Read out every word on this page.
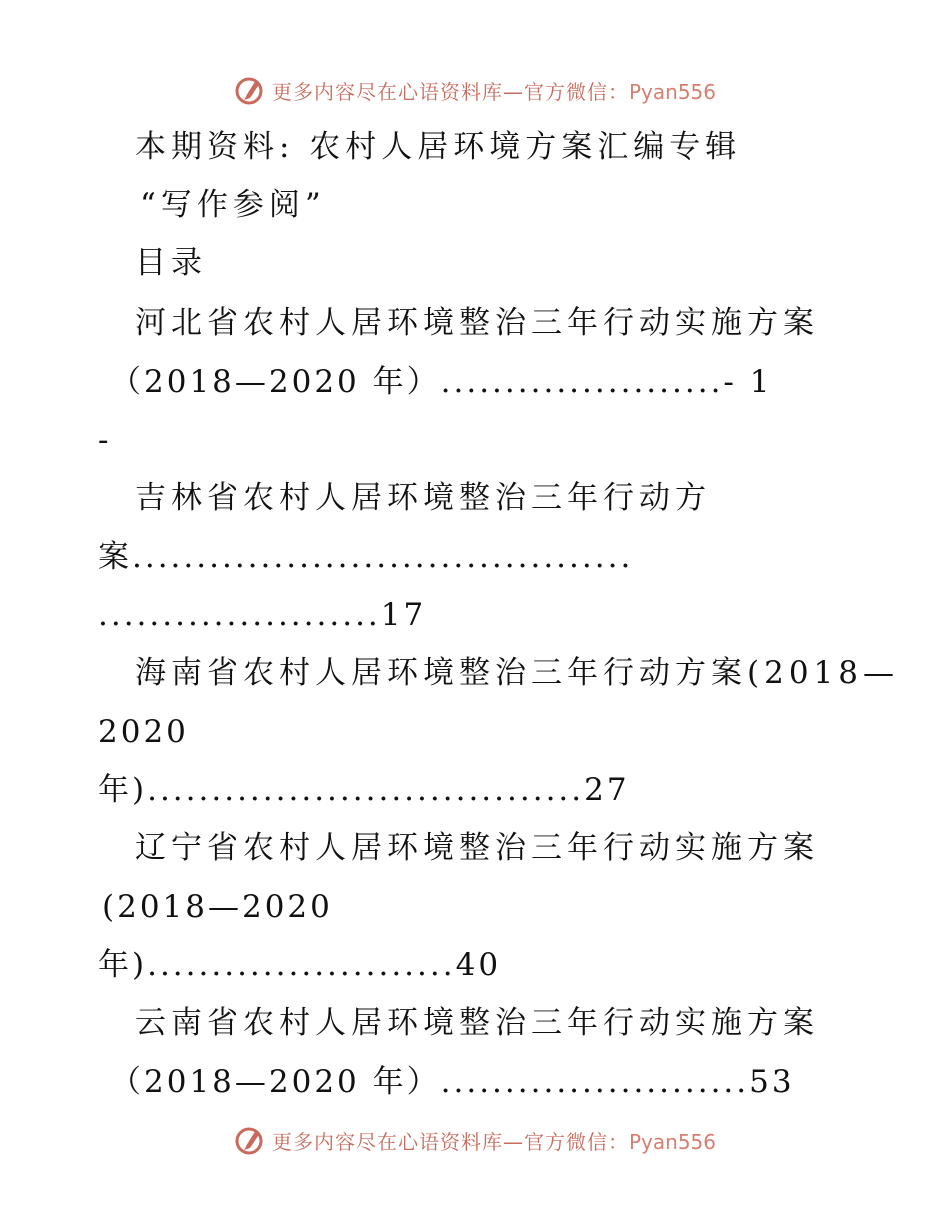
更多内容尽在心语资料库—官方微信：Pyan556
本期资料: 农村人居环境方案汇编专辑
“写作参阅”
目录
河北省农村人居环境整治三年行动实施方案
（2018—2020 年）......................- 1
-
吉林省农村人居环境整治三年行动方
案.......................................
......................17
海南省农村人居环境整治三年行动方案(2018—
2020
年)..................................27
辽宁省农村人居环境整治三年行动实施方案
(2018—2020
年)........................40
云南省农村人居环境整治三年行动实施方案
（2018—2020 年）........................53
更多内容尽在心语资料库—官方微信：Pyan556
